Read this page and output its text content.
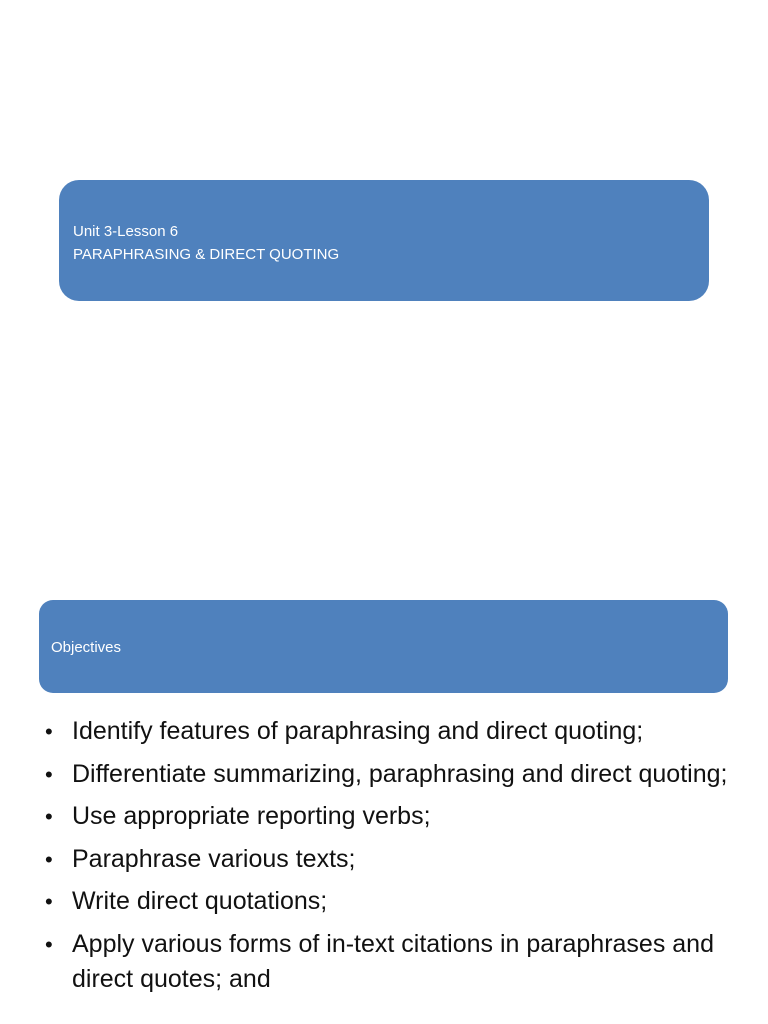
Unit 3-Lesson 6
PARAPHRASING & DIRECT QUOTING
Objectives
• Identify features of paraphrasing and direct quoting;
• Differentiate summarizing, paraphrasing and direct quoting;
• Use appropriate reporting verbs;
• Paraphrase various texts;
• Write direct quotations;
• Apply various forms of in-text citations in paraphrases and direct quotes; and
